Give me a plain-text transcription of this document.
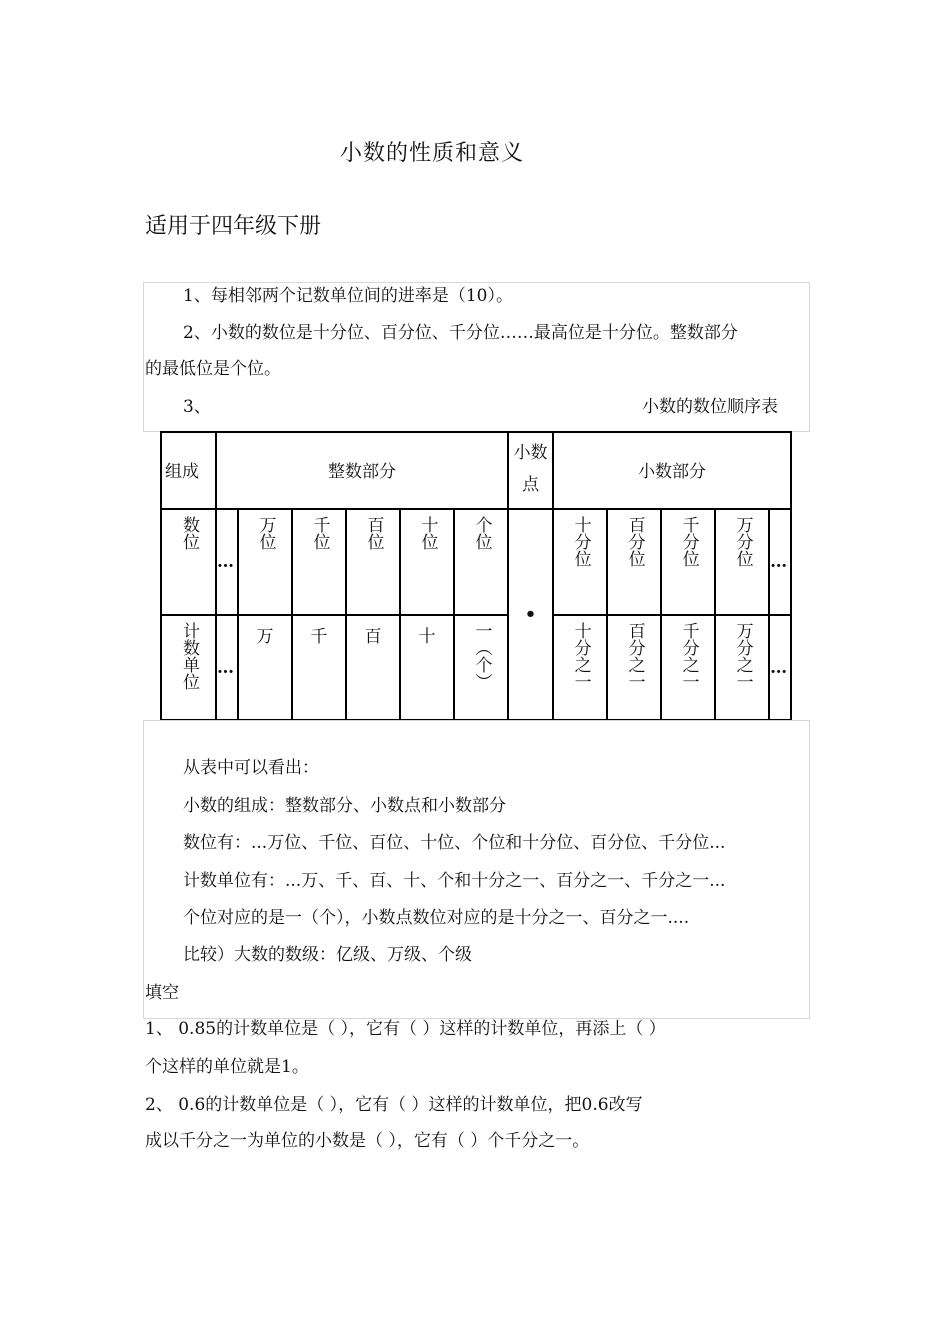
小数的性质和意义
适用于四年级下册
1、每相邻两个记数单位间的进率是（10）。
2、小数的数位是十分位、百分位、千分位……最高位是十分位。整数部分
的最低位是个位。
3、	小数的数位顺序表
组成	整数部分						小数点	小数部分				

数位	…	万位	千位	百位	十位	个位	•	十分位	百分位	千分位	万分位	…
计数单位	…	万	千	百	十	一（个）		十分之一	百分之一	千分之一	万分之一	…
从表中可以看出：
小数的组成：整数部分、小数点和小数部分
数位有：...万位、千位、百位、十位、个位和十分位、百分位、千分位...
计数单位有：...万、千、百、十、个和十分之一、百分之一、千分之一...
个位对应的是一（个），小数点数位对应的是十分之一、百分之一....
比较）大数的数级：亿级、万级、个级
填空
1、 0.85的计数单位是（ ），它有（ ）这样的计数单位，再添上（ ）
个这样的单位就是1。
2、 0.6的计数单位是（ ），它有（ ）这样的计数单位，把0.6改写
成以千分之一为单位的小数是（ ），它有（ ）个千分之一。
